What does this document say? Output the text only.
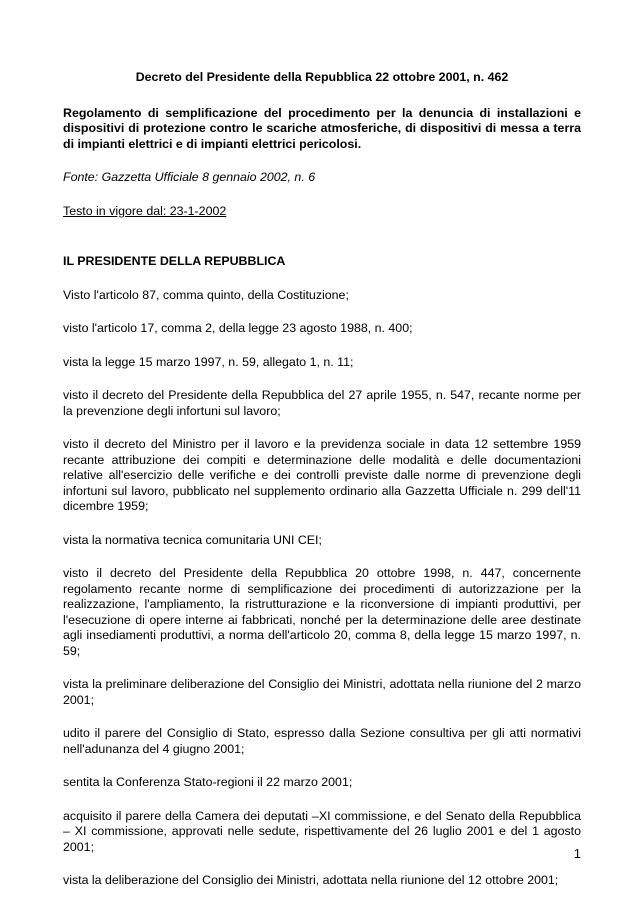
Decreto del Presidente della Repubblica 22 ottobre 2001, n. 462
Regolamento di semplificazione del procedimento per la denuncia di installazioni e dispositivi di protezione contro le scariche atmosferiche, di dispositivi di messa a terra di impianti elettrici e di impianti elettrici pericolosi.
Fonte: Gazzetta Ufficiale 8 gennaio 2002, n. 6
Testo in vigore dal: 23-1-2002
IL PRESIDENTE DELLA REPUBBLICA
Visto l'articolo 87, comma quinto, della Costituzione;
visto l'articolo 17, comma 2, della legge 23 agosto 1988, n. 400;
vista la legge 15 marzo 1997, n. 59, allegato 1, n. 11;
visto il decreto del Presidente della Repubblica del 27 aprile 1955, n. 547, recante norme per la prevenzione degli infortuni sul lavoro;
visto il decreto del Ministro per il lavoro e la previdenza sociale in data 12 settembre 1959 recante attribuzione dei compiti e determinazione delle modalità e delle documentazioni relative all'esercizio delle verifiche e dei controlli previste dalle norme di prevenzione degli infortuni sul lavoro, pubblicato nel supplemento ordinario alla Gazzetta Ufficiale n. 299 dell'11 dicembre 1959;
vista la normativa tecnica comunitaria UNI CEI;
visto il decreto del Presidente della Repubblica 20 ottobre 1998, n. 447, concernente regolamento recante norme di semplificazione dei procedimenti di autorizzazione per la realizzazione, l'ampliamento, la ristrutturazione e la riconversione di impianti produttivi, per l'esecuzione di opere interne ai fabbricati, nonché per la determinazione delle aree destinate agli insediamenti produttivi, a norma dell'articolo 20, comma 8, della legge 15 marzo 1997, n. 59;
vista la preliminare deliberazione del Consiglio dei Ministri, adottata nella riunione del 2 marzo 2001;
udito il parere del Consiglio di Stato, espresso dalla Sezione consultiva per gli atti normativi nell'adunanza del 4 giugno 2001;
sentita la Conferenza Stato-regioni il 22 marzo 2001;
acquisito il parere della Camera dei deputati –XI commissione, e del Senato della Repubblica – XI commissione, approvati nelle sedute, rispettivamente del 26 luglio 2001 e del 1 agosto 2001;
vista la deliberazione del Consiglio dei Ministri, adottata nella riunione del 12 ottobre 2001;
1
